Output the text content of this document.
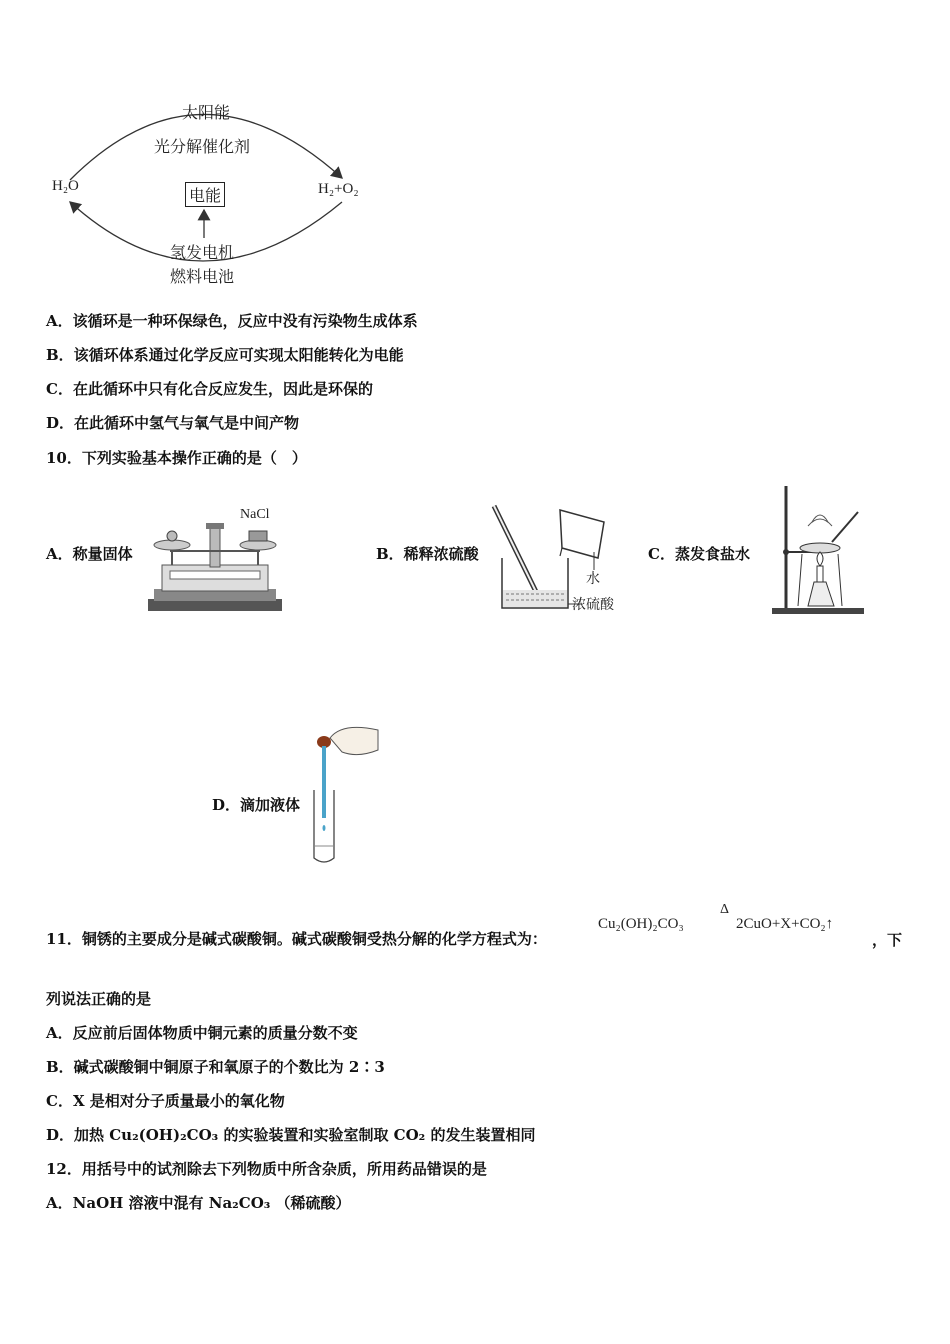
太阳能
光分解催化剂
H₂O	H₂+O₂
电能
氢发电机
燃料电池
A．该循环是一种环保绿色，反应中没有污染物生成体系
B．该循环体系通过化学反应可实现太阳能转化为电能
C．在此循环中只有化合反应发生，因此是环保的
D．在此循环中氢气与氧气是中间产物
10．下列实验基本操作正确的是（　）
A．称量固体
NaCl
B．稀释浓硫酸
水
浓硫酸
C．蒸发食盐水
D．滴加液体
11．铜锈的主要成分是碱式碳酸铜。碱式碳酸铜受热分解的化学方程式为：
Cu₂(OH)₂CO₃
Δ
2CuO+X+CO₂↑
，下
列说法正确的是
A．反应前后固体物质中铜元素的质量分数不变
B．碱式碳酸铜中铜原子和氧原子的个数比为 2∶3
C．X 是相对分子质量最小的氧化物
D．加热 Cu₂(OH)₂CO₃ 的实验装置和实验室制取 CO₂ 的发生装置相同
12．用括号中的试剂除去下列物质中所含杂质，所用药品错误的是
A．NaOH 溶液中混有 Na₂CO₃ （稀硫酸）
